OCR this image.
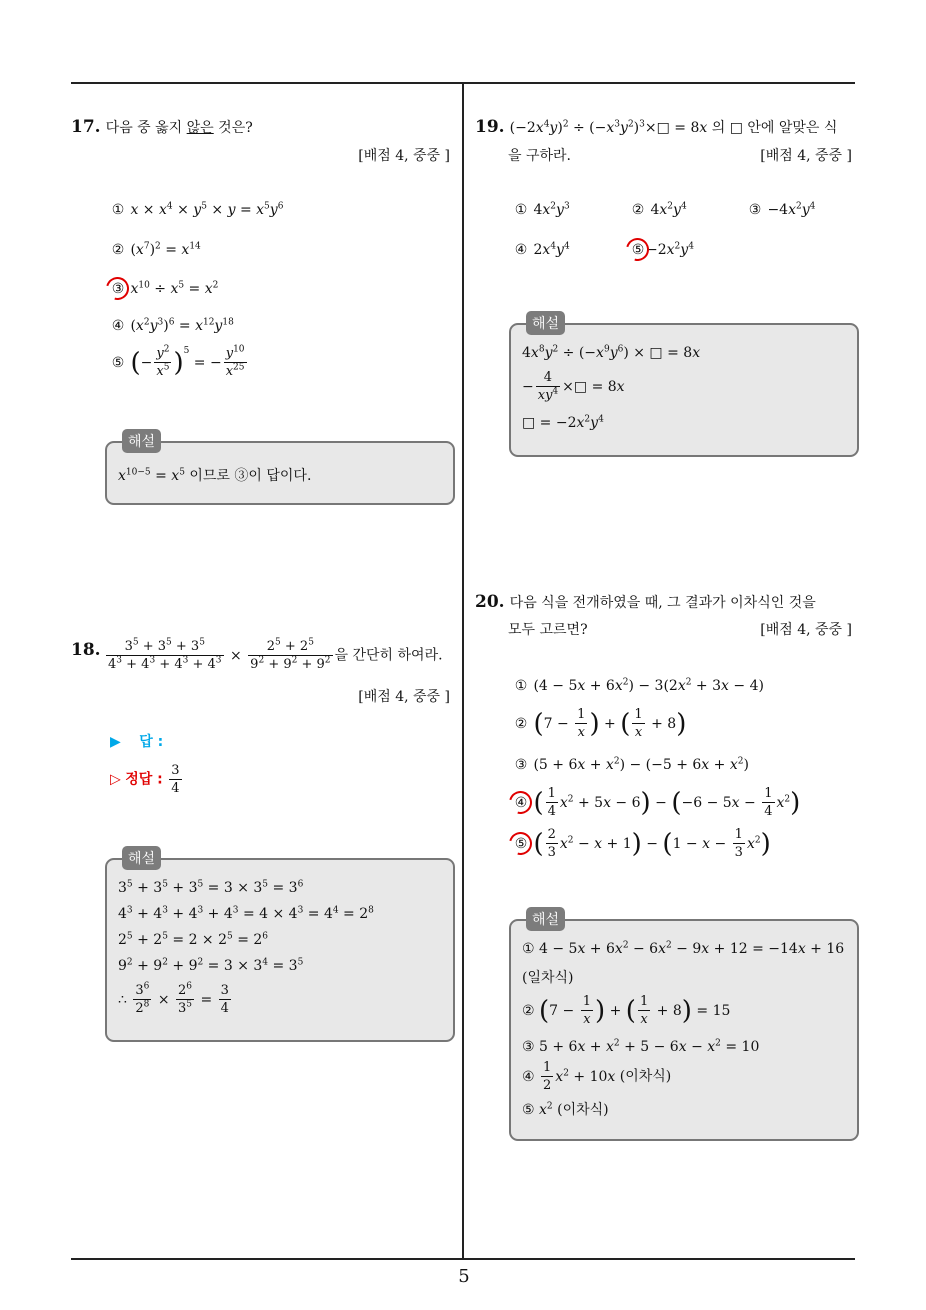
5
17. 다음 중 옳지 않은 것은?
[배점 4, 중중 ]
① $x \times x^4 \times y^5 \times y = x^5y^6$
② $(x^7)^2 = x^{14}$
③ $x^{10} \div x^5 = x^2$
④ $(x^2y^3)^6 = x^{12}y^{18}$
⑤ (− $\frac{y^2}{x^5} )^5$ = − $\frac{y^{10}}{x^{25}}$
해설
$x^{10-5} = x^5$ 이므로 ③이 답이다.
18. $\frac{3^5 + 3^5 + 3^5}{4^3 + 4^3 + 4^3 + 4^3} \times \frac{2^5 + 2^5}{9^2 + 9^2 + 9^2}$ 을 간단히 하여라.
[배점 4, 중중 ]
▶ 답 :
▷ 정답 : $\frac{3}{4}$
해설
$3^5 + 3^5 + 3^5 = 3 \times 3^5 = 3^6$
$4^3 + 4^3 + 4^3 + 4^3 = 4 \times 4^3 = 4^4 = 2^8$
$2^5 + 2^5 = 2 \times 2^5 = 2^6$
$9^2 + 9^2 + 9^2 = 3 \times 3^4 = 3^5$
∴ $\frac{3^6}{2^8} \times \frac{2^6}{3^5} = \frac{3}{4}$
19. $(-2x^4y)^2$ ÷ $(-x^3y^2)^3\times□ = 8x$ 의 □ 안에 알맞은 식
을 구하라.	[배점 4, 중중 ]
① $4x^2y^3$	② $4x^2y^4$	③ $-4x^2y^4$
④ $2x^4y^4$	⑤ $-2x^2y^4$
해설
$4x^8y^2 \div (-x^9y^6)$ × □ = 8x
− $\frac{4}{xy^4}$ ×□ = 8x
□ = $-2x^2y^4$
20. 다음 식을 전개하였을 때, 그 결과가 이차식인 것을
모두 고르면?	[배점 4, 중중 ]
① $(4 - 5x + 6x^2) - 3(2x^2 + 3x - 4)$
② ($7 - \frac{1}{x}$ ) + ( $\frac{1}{x} + 8$)
③ $(5 + 6x + x^2) - (-5 + 6x + x^2)$
④ ( $\frac{1}{4} x^2 + 5x - 6) - (-6 - 5x - \frac{1}{4} x^2)$
⑤ ( $\frac{2}{3} x^2 - x + 1) - (1 - x - \frac{1}{3} x^2)$
해설
① $4 - 5x + 6x^2 - 6x^2 - 9x + 12 = -14x + 16$
(일차식)
② ($7 - \frac{1}{x}$ ) + ( $\frac{1}{x} + 8) = 15$
③ $5 + 6x + x^2 + 5 - 6x - x^2 = 10$
④ $\frac{1}{2} x^2 + 10x$ (이차식)
⑤ $x^2$ (이차식)
